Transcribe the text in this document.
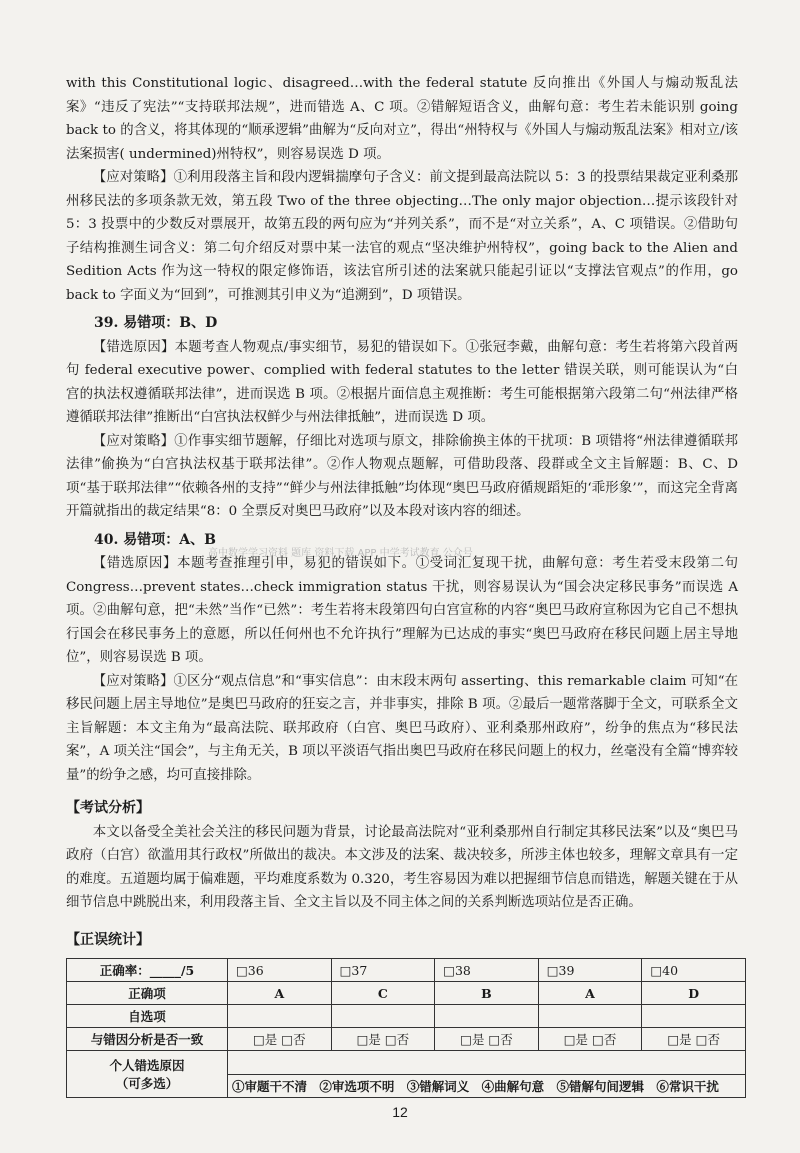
with this Constitutional logic、disagreed…with the federal statute 反向推出《外国人与煽动叛乱法案》“违反了宪法”“支持联邦法规”，进而错选 A、C 项。②错解短语含义，曲解句意：考生若未能识别 going back to 的含义，将其体现的“顺承逻辑”曲解为“反向对立”，得出“州特权与《外国人与煽动叛乱法案》相对立/该法案损害( undermined)州特权”，则容易误选 D 项。

【应对策略】①利用段落主旨和段内逻辑揣摩句子含义：前文提到最高法院以 5：3 的投票结果裁定亚利桑那州移民法的多项条款无效，第五段 Two of the three objecting…The only major objection…提示该段针对 5：3 投票中的少数反对票展开，故第五段的两句应为“并列关系”，而不是“对立关系”，A、C 项错误。②借助句子结构推测生词含义：第二句介绍反对票中某一法官的观点“坚决维护州特权”，going back to the Alien and Sedition Acts 作为这一特权的限定修饰语，该法官所引述的法案就只能起引证以“支撑法官观点”的作用，go back to 字面义为“回到”，可推测其引申义为“追溯到”，D 项错误。

39. 易错项：B、D

【错选原因】本题考查人物观点/事实细节，易犯的错误如下。①张冠李戴，曲解句意：考生若将第六段首两句 federal executive power、complied with federal statutes to the letter 错误关联，则可能误认为“白宫的执法权遵循联邦法律”，进而误选 B 项。②根据片面信息主观推断：考生可能根据第六段第二句“州法律严格遵循联邦法律”推断出“白宫执法权鲜少与州法律抵触”，进而误选 D 项。

【应对策略】①作事实细节题解，仔细比对选项与原文，排除偷换主体的干扰项：B 项错将“州法律遵循联邦法律”偷换为“白宫执法权基于联邦法律”。②作人物观点题解，可借助段落、段群或全文主旨解题：B、C、D 项“基于联邦法律”“依赖各州的支持”“鲜少与州法律抵触”均体现“奥巴马政府循规蹈矩的‘乖形象’”，而这完全背离开篇就指出的裁定结果“8：0 全票反对奥巴马政府”以及本段对该内容的细述。

40. 易错项：A、B

【错选原因】本题考查推理引申，易犯的错误如下。①受词汇复现干扰，曲解句意：考生若受末段第二句 Congress…prevent states…check immigration status 干扰，则容易误认为“国会决定移民事务”而误选 A 项。②曲解句意，把“未然”当作“已然”：考生若将末段第四句白宫宣称的内容“奥巴马政府宣称因为它自己不想执行国会在移民事务上的意愿，所以任何州也不允许执行”理解为已达成的事实“奥巴马政府在移民问题上居主导地位”，则容易误选 B 项。

【应对策略】①区分“观点信息”和“事实信息”：由末段末两句 asserting、this remarkable claim 可知“在移民问题上居主导地位”是奥巴马政府的狂妄之言，并非事实，排除 B 项。②最后一题常落脚于全文，可联系全文主旨解题：本文主角为“最高法院、联邦政府（白宫、奥巴马政府）、亚利桑那州政府”，纷争的焦点为“移民法案”，A 项关注“国会”，与主角无关，B 项以平淡语气指出奥巴马政府在移民问题上的权力，丝毫没有全篇“博弈较量”的纷争之感，均可直接排除。

【考试分析】

本文以备受全美社会关注的移民问题为背景，讨论最高法院对“亚利桑那州自行制定其移民法案”以及“奥巴马政府（白宫）欲滥用其行政权”所做出的裁决。本文涉及的法案、裁决较多，所涉主体也较多，理解文章具有一定的难度。五道题均属于偏难题，平均难度系数为 0.320，考生容易因为难以把握细节信息而错选，解题关键在于从细节信息中跳脱出来，利用段落主旨、全文主旨以及不同主体之间的关系判断选项站位是否正确。

【正误统计】

正确率：_____/5	□36	□37	□38	□39	□40
正确项	A	C	B	A	D
自选项					
与错因分析是否一致	□是 □否	□是 □否	□是 □否	□是 □否	□是 □否

个人错选原因
（可多选）					

	①审题干不清 ②审选项不明 ③错解词义 ④曲解句意 ⑤错解句间逻辑 ⑥常识干扰				
高中数学学习资料 题库 资料下载 APP 中学考试教育 公众号
12
